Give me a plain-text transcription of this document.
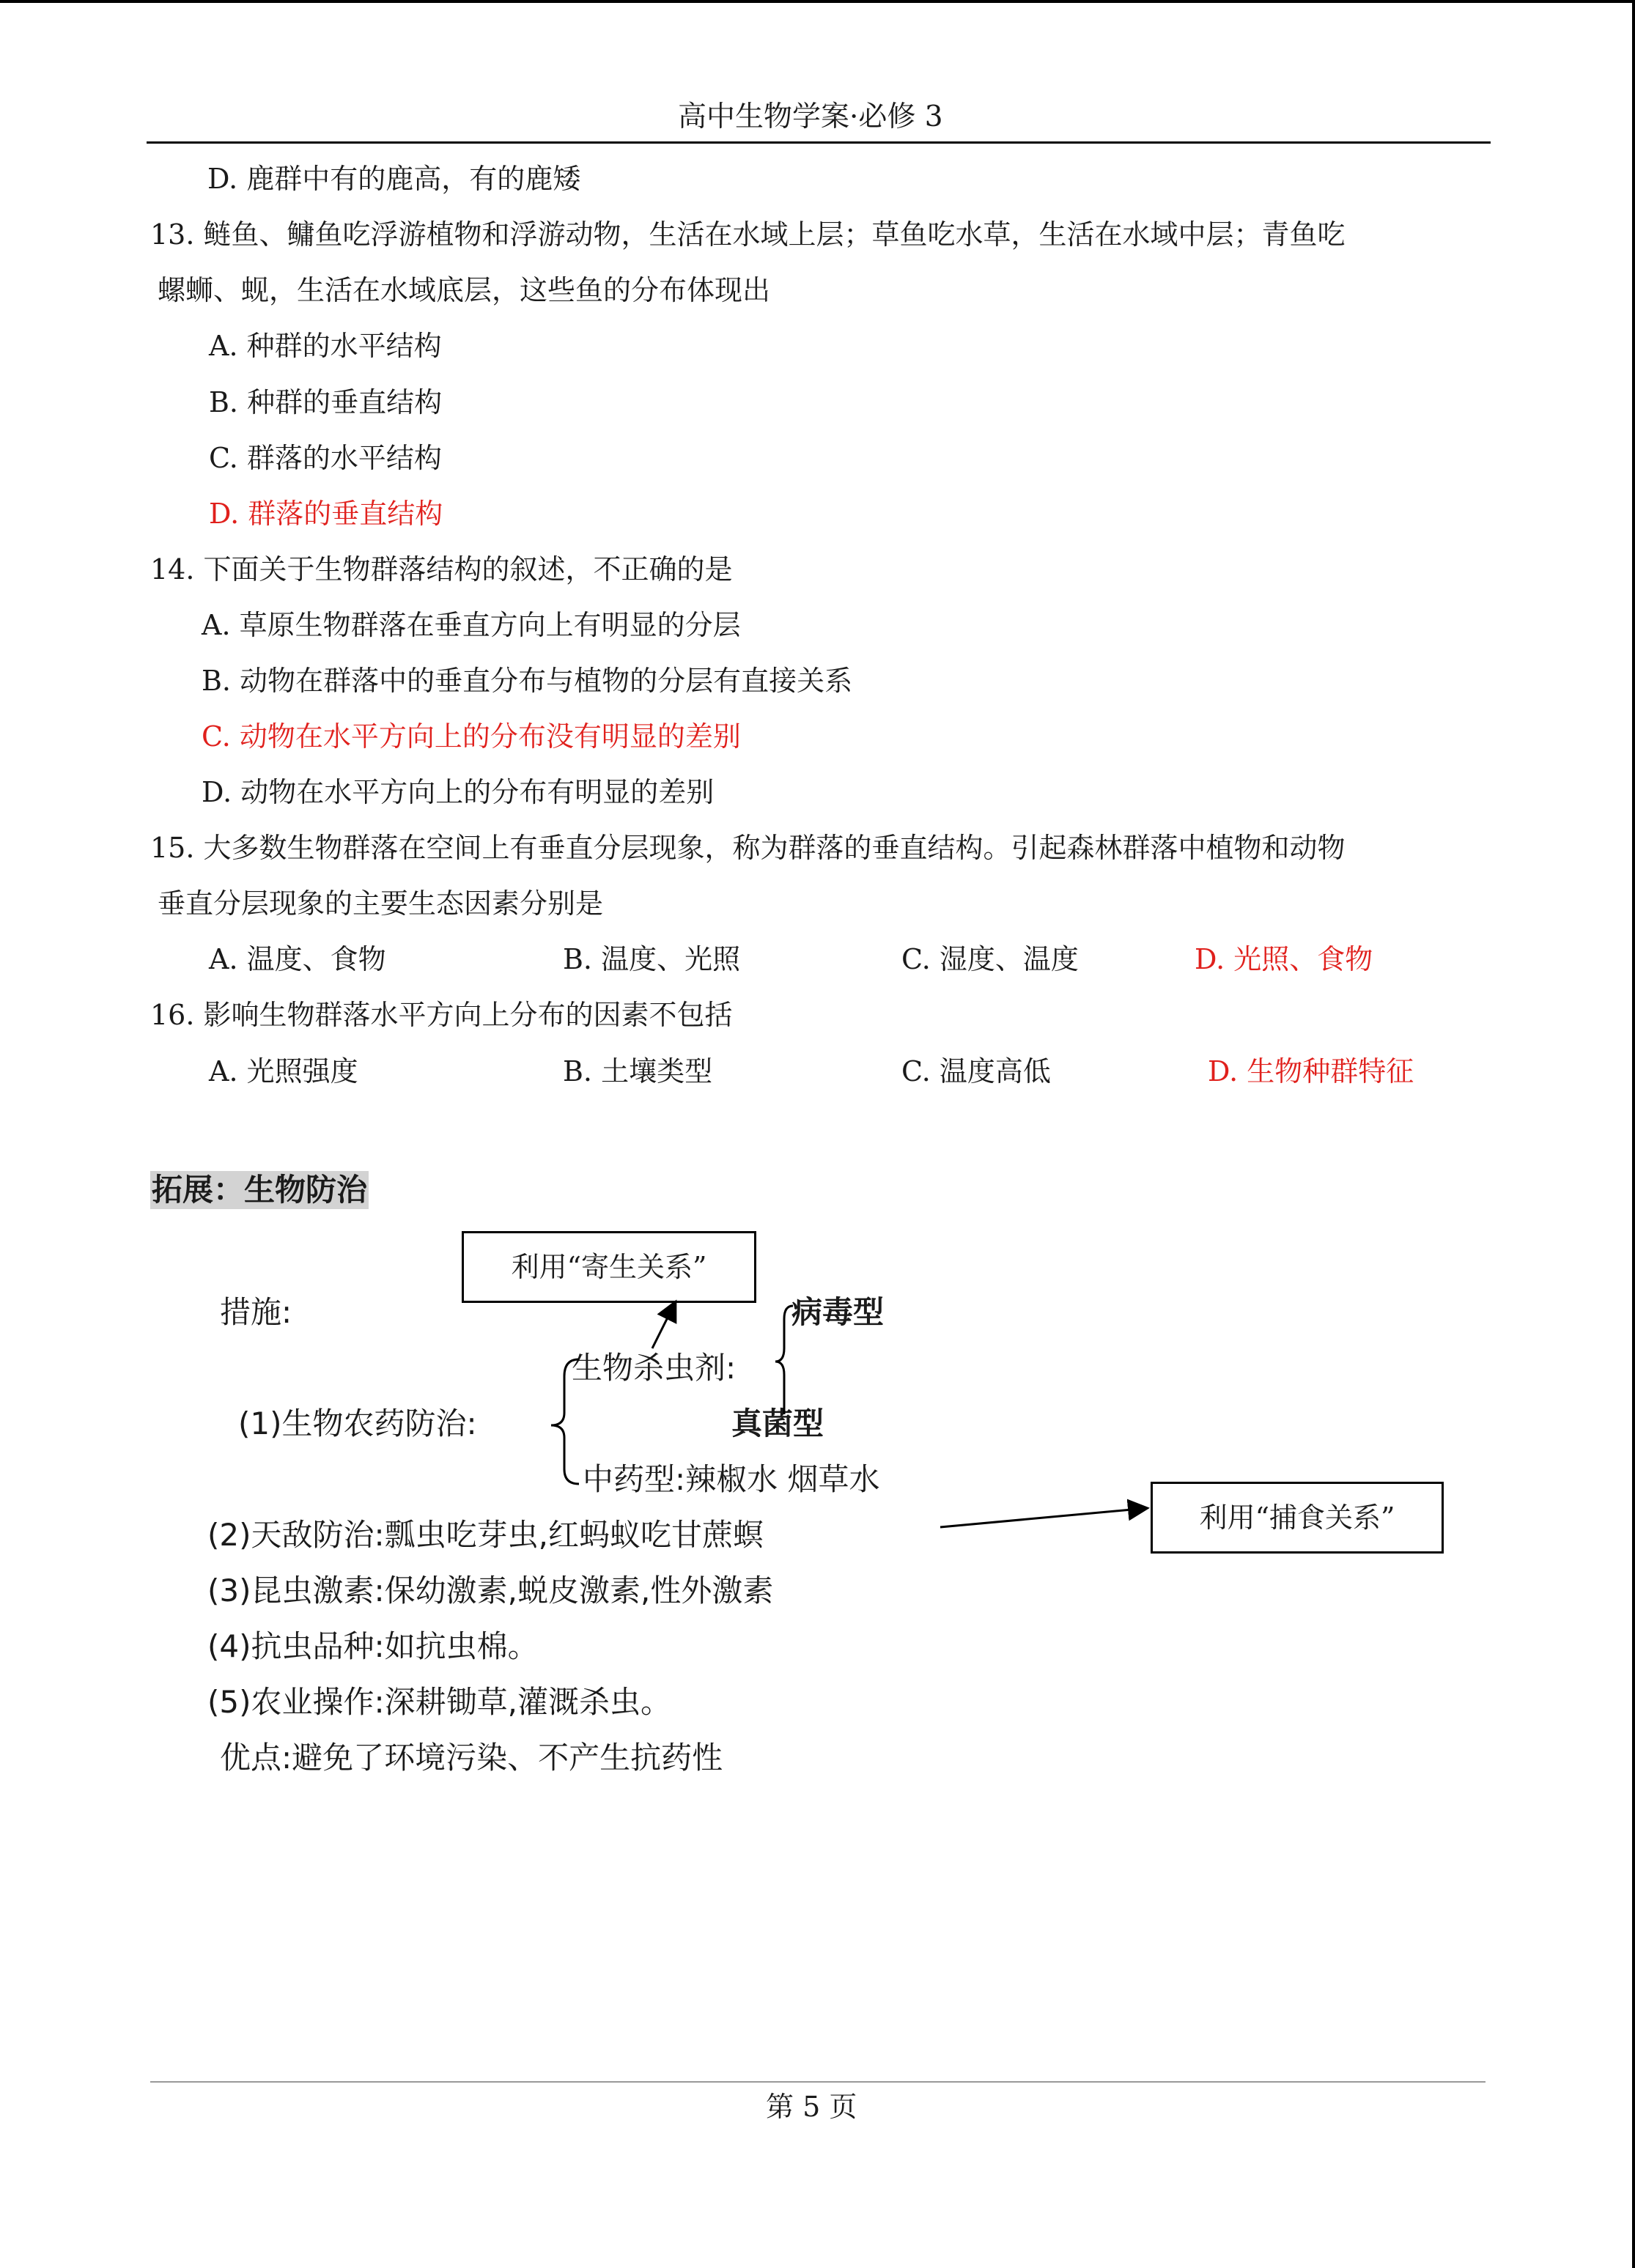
高中生物学案·必修 3
D. 鹿群中有的鹿高，有的鹿矮
13. 鲢鱼、鳙鱼吃浮游植物和浮游动物，生活在水域上层；草鱼吃水草，生活在水域中层；青鱼吃
螺蛳、蚬，生活在水域底层，这些鱼的分布体现出
A. 种群的水平结构
B. 种群的垂直结构
C. 群落的水平结构
D. 群落的垂直结构
14. 下面关于生物群落结构的叙述，不正确的是
A. 草原生物群落在垂直方向上有明显的分层
B. 动物在群落中的垂直分布与植物的分层有直接关系
C. 动物在水平方向上的分布没有明显的差别
D. 动物在水平方向上的分布有明显的差别
15. 大多数生物群落在空间上有垂直分层现象，称为群落的垂直结构。引起森林群落中植物和动物
垂直分层现象的主要生态因素分别是
A. 温度、食物	B. 温度、光照	C. 湿度、温度	D. 光照、食物
16. 影响生物群落水平方向上分布的因素不包括
A. 光照强度	B. 土壤类型	C. 温度高低	D. 生物种群特征
拓展：生物防治
利用“寄生关系”
措施:	病毒型
生物杀虫剂:
(1)生物农药防治:	真菌型
中药型:辣椒水 烟草水
利用“捕食关系”
(2)天敌防治:瓢虫吃芽虫,红蚂蚁吃甘蔗螟
(3)昆虫激素:保幼激素,蜕皮激素,性外激素
(4)抗虫品种:如抗虫棉。
(5)农业操作:深耕锄草,灌溉杀虫。
优点:避免了环境污染、不产生抗药性
第 5 页
